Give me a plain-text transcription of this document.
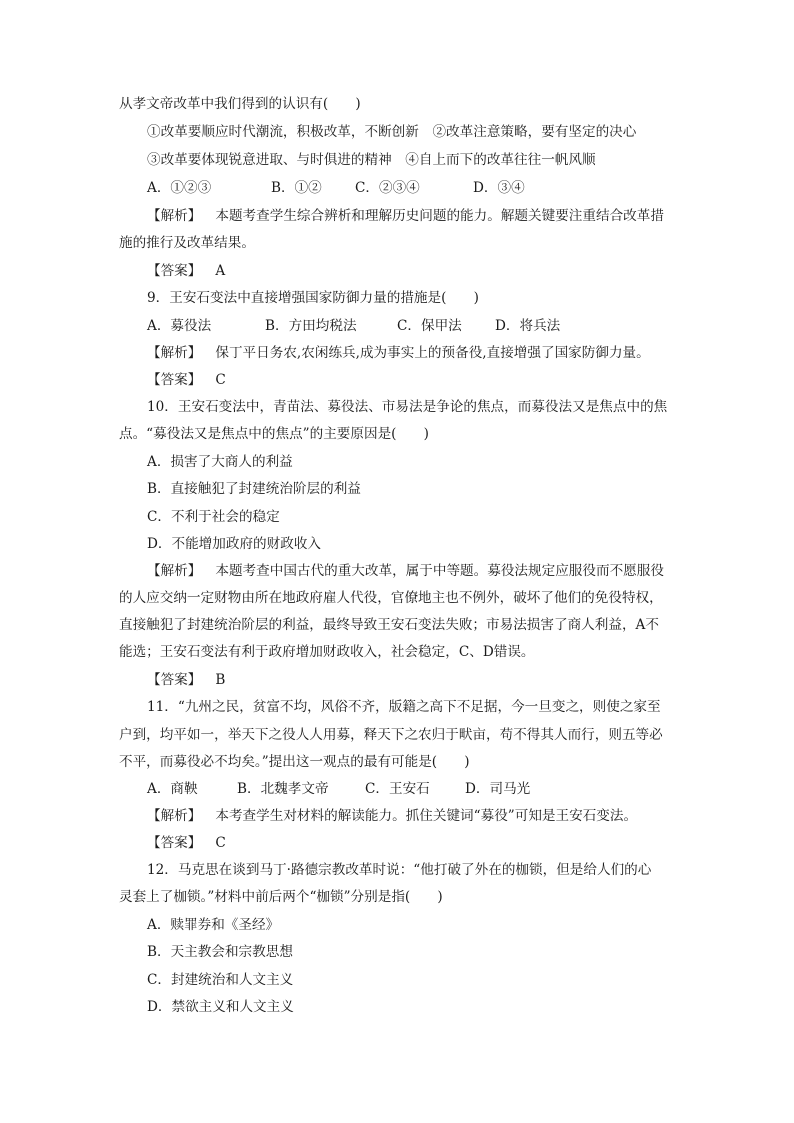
从孝文帝改革中我们得到的认识有(　　)
①改革要顺应时代潮流，积极改革，不断创新　②改革注意策略，要有坚定的决心
③改革要体现锐意进取、与时俱进的精神　④自上而下的改革往往一帆风顺
A．①②③	B．①② C．②③④	D．③④
【解析】 本题考查学生综合辨析和理解历史问题的能力。解题关键要注重结合改革措
施的推行及改革结果。
【答案】 A
9．王安石变法中直接增强国家防御力量的措施是(　　)
A．募役法	B．方田均税法	C．保甲法 D．将兵法
【解析】 保丁平日务农,农闲练兵,成为事实上的预备役,直接增强了国家防御力量。
【答案】 C
10．王安石变法中，青苗法、募役法、市易法是争论的焦点，而募役法又是焦点中的焦
点。“募役法又是焦点中的焦点”的主要原因是(　　)
A．损害了大商人的利益
B．直接触犯了封建统治阶层的利益
C．不利于社会的稳定
D．不能增加政府的财政收入
【解析】 本题考查中国古代的重大改革，属于中等题。募役法规定应服役而不愿服役
的人应交纳一定财物由所在地政府雇人代役，官僚地主也不例外，破坏了他们的免役特权，
直接触犯了封建统治阶层的利益，最终导致王安石变法失败；市易法损害了商人利益，A不
能选；王安石变法有利于政府增加财政收入，社会稳定，C、D错误。
【答案】 B
11．“九州之民，贫富不均，风俗不齐，版籍之高下不足据，今一旦变之，则使之家至
户到，均平如一，举天下之役人人用募，释天下之农归于畎亩，苟不得其人而行，则五等必
不平，而募役必不均矣。”提出这一观点的最有可能是(　　)
A．商鞅	B．北魏孝文帝	C．王安石	D．司马光
【解析】 本考查学生对材料的解读能力。抓住关键词“募役”可知是王安石变法。
【答案】 C
12．马克思在谈到马丁·路德宗教改革时说：“他打破了外在的枷锁，但是给人们的心
灵套上了枷锁。”材料中前后两个“枷锁”分别是指(　　)
A．赎罪券和《圣经》
B．天主教会和宗教思想
C．封建统治和人文主义
D．禁欲主义和人文主义
